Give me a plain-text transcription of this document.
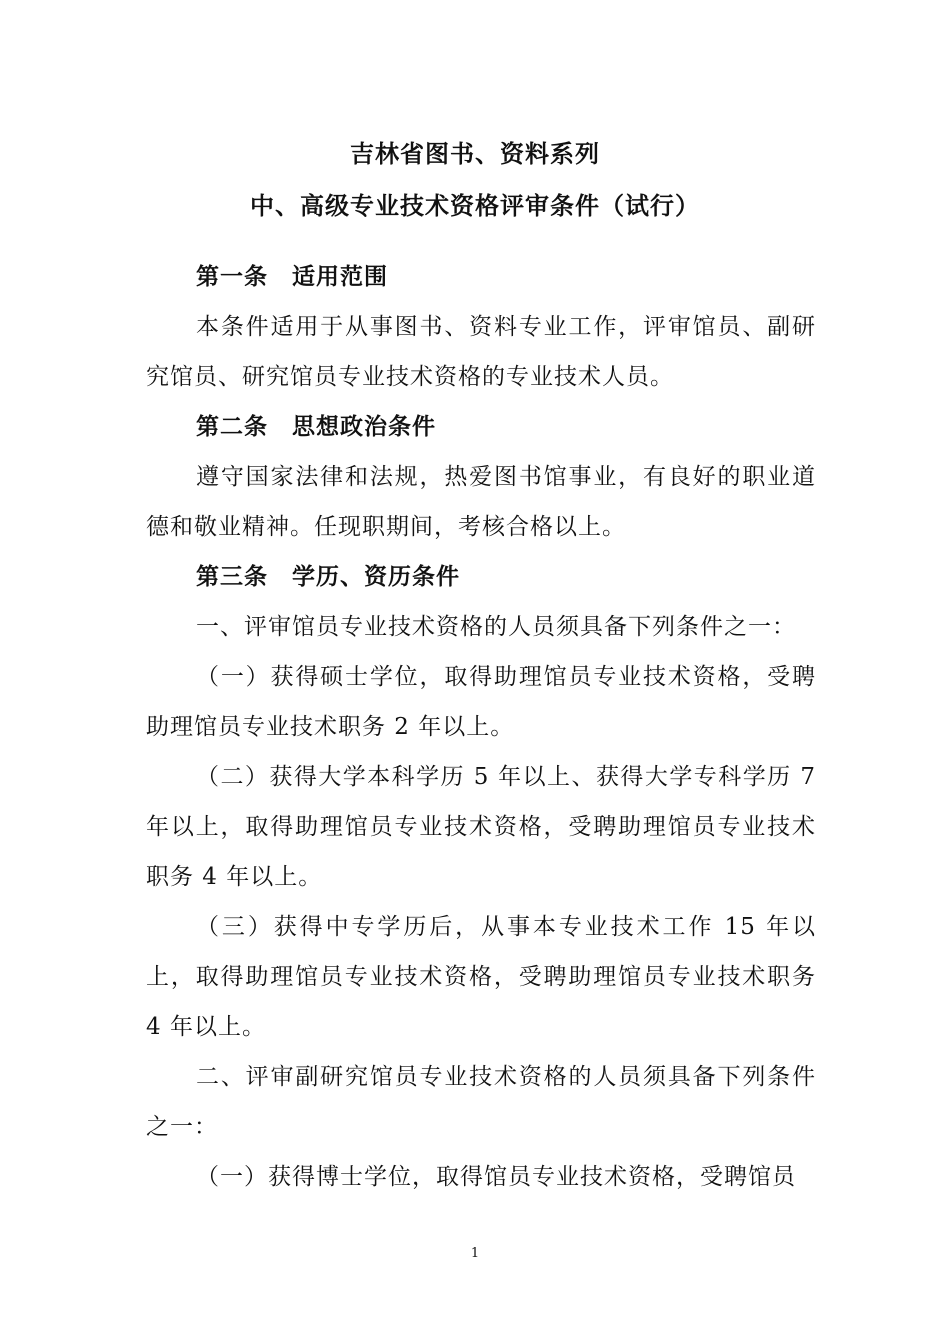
吉林省图书、资料系列
中、高级专业技术资格评审条件（试行）
第一条 适用范围
本条件适用于从事图书、资料专业工作，评审馆员、副研究馆员、研究馆员专业技术资格的专业技术人员。
第二条 思想政治条件
遵守国家法律和法规，热爱图书馆事业，有良好的职业道德和敬业精神。任现职期间，考核合格以上。
第三条 学历、资历条件
一、评审馆员专业技术资格的人员须具备下列条件之一：
（一）获得硕士学位，取得助理馆员专业技术资格，受聘助理馆员专业技术职务 2 年以上。
（二）获得大学本科学历 5 年以上、获得大学专科学历 7 年以上，取得助理馆员专业技术资格，受聘助理馆员专业技术职务 4 年以上。
（三）获得中专学历后，从事本专业技术工作 15 年以上，取得助理馆员专业技术资格，受聘助理馆员专业技术职务 4 年以上。
二、评审副研究馆员专业技术资格的人员须具备下列条件之一：
（一）获得博士学位，取得馆员专业技术资格，受聘馆员
1
